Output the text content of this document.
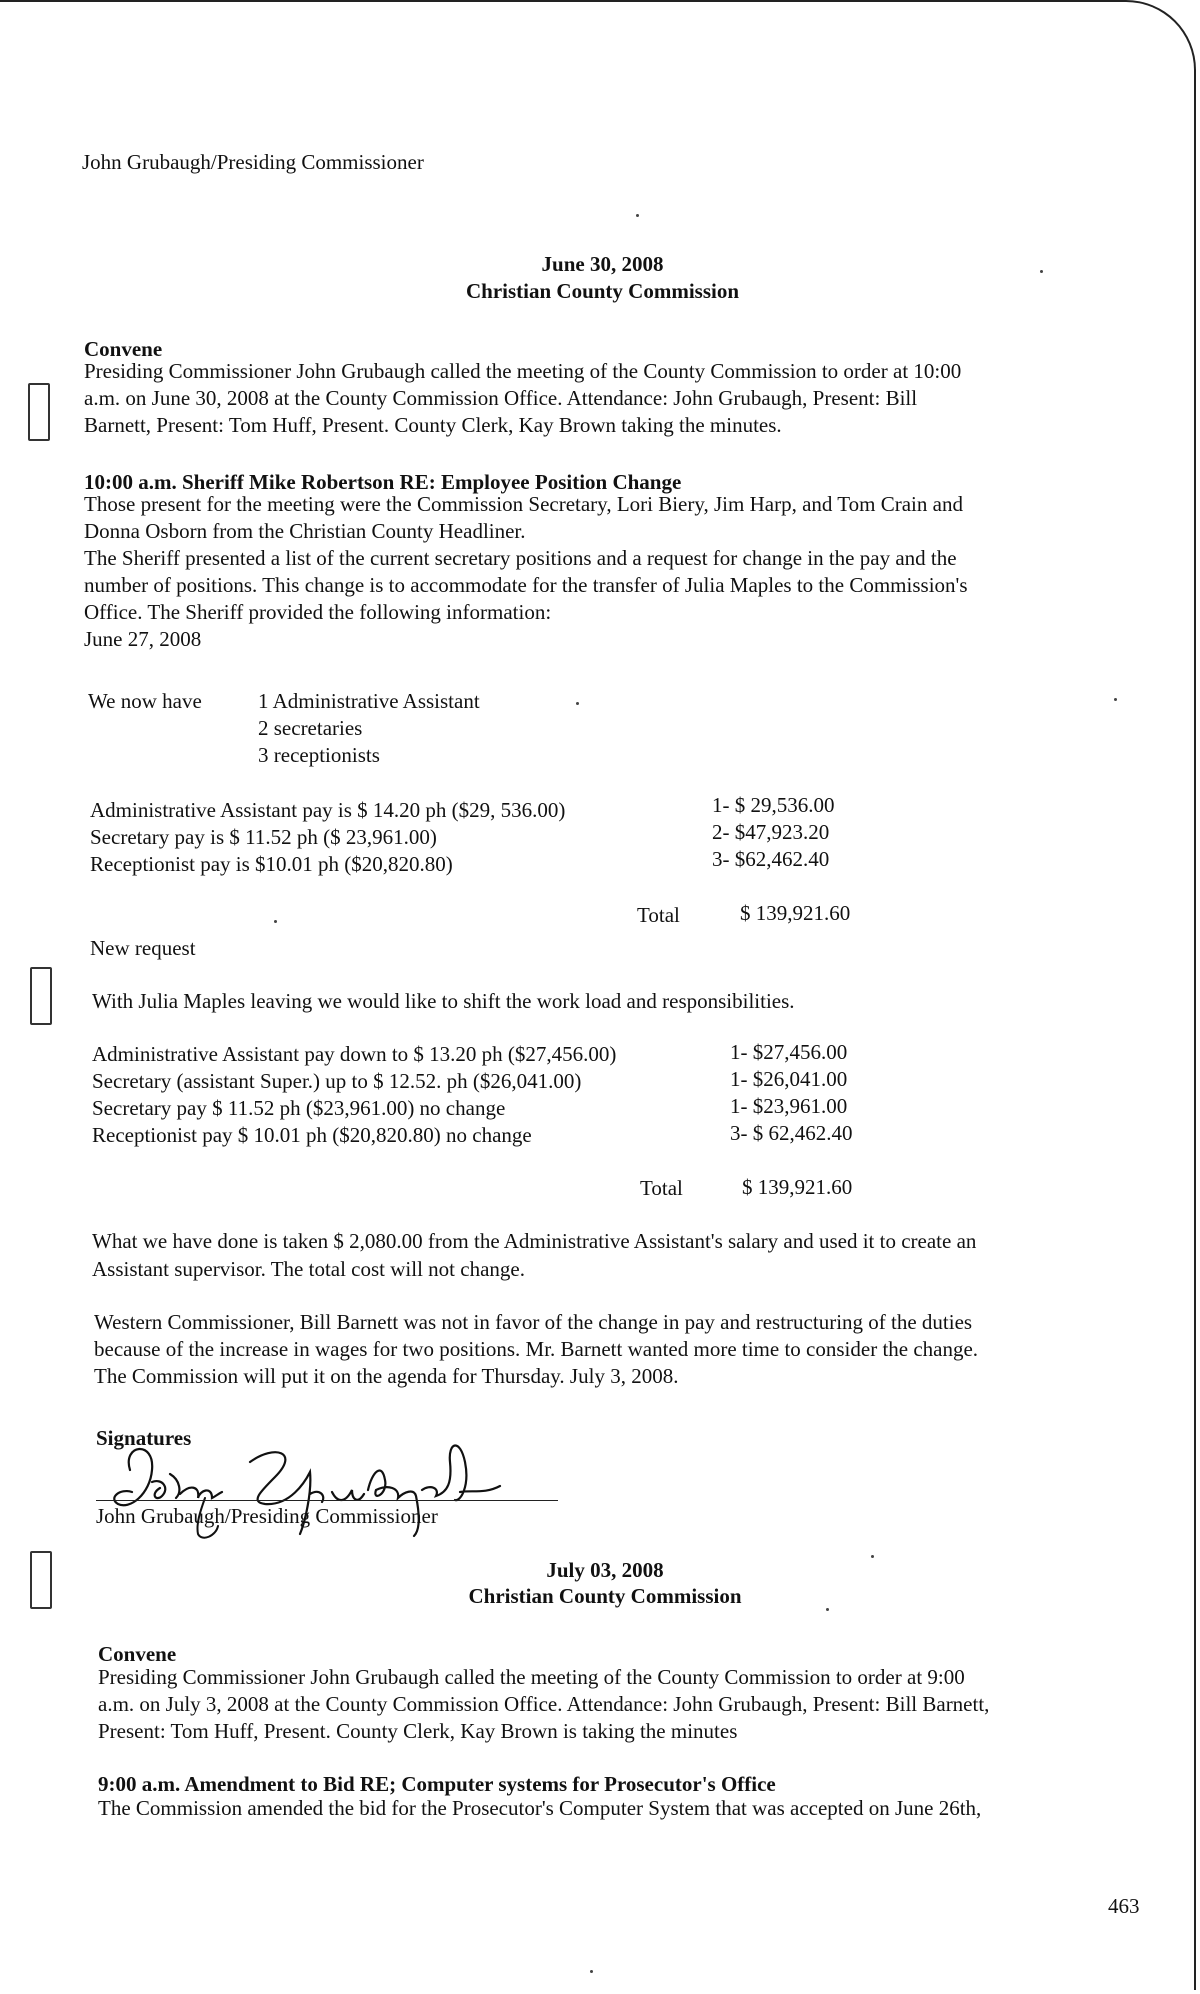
John Grubaugh/Presiding Commissioner
June 30, 2008
Christian County Commission
Convene
Presiding Commissioner John Grubaugh called the meeting of the County Commission to order at 10:00
a.m. on June 30, 2008 at the County Commission Office. Attendance: John Grubaugh, Present: Bill
Barnett, Present: Tom Huff, Present. County Clerk, Kay Brown taking the minutes.
10:00 a.m. Sheriff Mike Robertson RE: Employee Position Change
Those present for the meeting were the Commission Secretary, Lori Biery, Jim Harp, and Tom Crain and
Donna Osborn from the Christian County Headliner.
The Sheriff presented a list of the current secretary positions and a request for change in the pay and the
number of positions. This change is to accommodate for the transfer of Julia Maples to the Commission's
Office. The Sheriff provided the following information:
June 27, 2008
We now have	1 Administrative Assistant
2 secretaries
3 receptionists
Administrative Assistant pay is $ 14.20 ph ($29, 536.00)	1- $ 29,536.00
Secretary pay is $ 11.52 ph ($ 23,961.00)	2- $47,923.20
Receptionist pay is $10.01 ph ($20,820.80)	3- $62,462.40
Total	$ 139,921.60
New request
With Julia Maples leaving we would like to shift the work load and responsibilities.
Administrative Assistant pay down to $ 13.20 ph ($27,456.00)	1- $27,456.00
Secretary (assistant Super.) up to $ 12.52. ph ($26,041.00)	1- $26,041.00
Secretary pay $ 11.52 ph ($23,961.00) no change	1- $23,961.00
Receptionist pay $ 10.01 ph ($20,820.80) no change	3- $ 62,462.40
Total	$ 139,921.60
What we have done is taken $ 2,080.00 from the Administrative Assistant's salary and used it to create an
Assistant supervisor. The total cost will not change.
Western Commissioner, Bill Barnett was not in favor of the change in pay and restructuring of the duties
because of the increase in wages for two positions. Mr. Barnett wanted more time to consider the change.
The Commission will put it on the agenda for Thursday. July 3, 2008.
Signatures
John Grubaugh/Presiding Commissioner
July 03, 2008
Christian County Commission
Convene
Presiding Commissioner John Grubaugh called the meeting of the County Commission to order at 9:00
a.m. on July 3, 2008 at the County Commission Office. Attendance: John Grubaugh, Present: Bill Barnett,
Present: Tom Huff, Present. County Clerk, Kay Brown is taking the minutes
9:00 a.m. Amendment to Bid RE; Computer systems for Prosecutor's Office
The Commission amended the bid for the Prosecutor's Computer System that was accepted on June 26th,
463
